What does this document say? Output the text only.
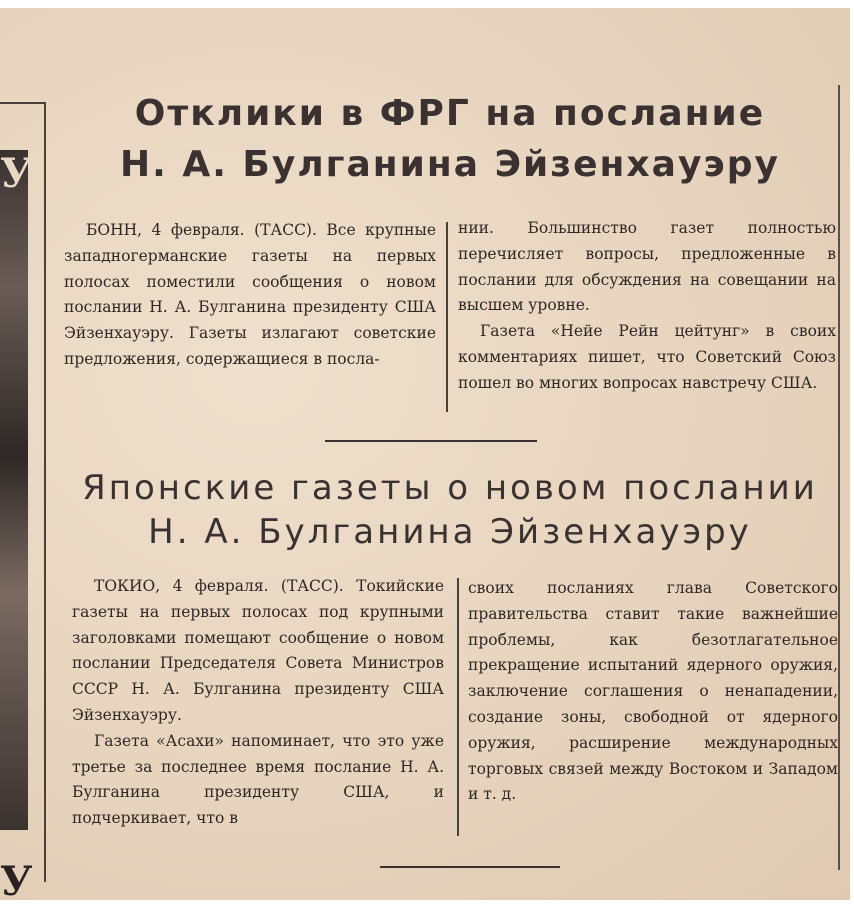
У
У
Отклики в ФРГ на послание
Н. А. Булганина Эйзенхауэру

БОНН, 4 февраля. (ТАСС). Все крупные западногерманские газеты на первых полосах поместили сообщения о новом послании Н. А. Булганина президенту США Эйзенхауэру. Газеты излагают советские предложения, содержащиеся в посла-

нии. Большинство газет полностью перечисляет вопросы, предложенные в послании для обсуждения на совещании на высшем уровне.

Газета «Нейе Рейн цейтунг» в своих комментариях пишет, что Советский Союз пошел во многих вопросах навстречу США.

Японские газеты о новом послании
Н. А. Булганина Эйзенхауэру

ТОКИО, 4 февраля. (ТАСС). Токийские газеты на первых полосах под крупными заголовками помещают сообщение о новом послании Председателя Совета Министров СССР Н. А. Булганина президенту США Эйзенхауэру.

Газета «Асахи» напоминает, что это уже третье за последнее время послание Н. А. Булганина президенту США, и подчеркивает, что в

своих посланиях глава Советского правительства ставит такие важнейшие проблемы, как безотлагательное прекращение испытаний ядерного оружия, заключение соглашения о ненападении, создание зоны, свободной от ядерного оружия, расширение международных торговых связей между Востоком и Западом и т. д.
